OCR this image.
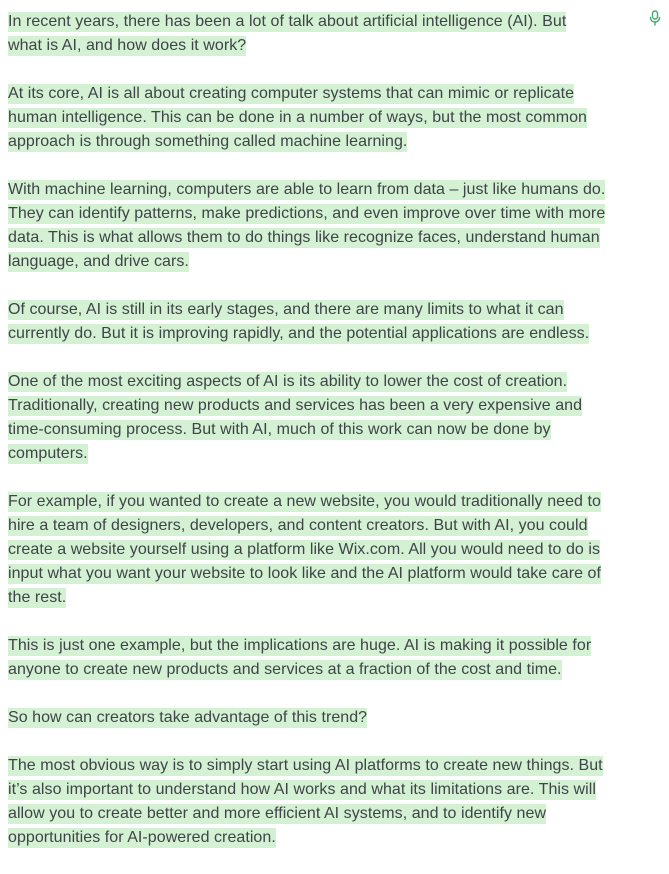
In recent years, there has been a lot of talk about artificial intelligence (AI). But
what is AI, and how does it work?

At its core, AI is all about creating computer systems that can mimic or replicate
human intelligence. This can be done in a number of ways, but the most common
approach is through something called machine learning.

With machine learning, computers are able to learn from data – just like humans do.
They can identify patterns, make predictions, and even improve over time with more
data. This is what allows them to do things like recognize faces, understand human
language, and drive cars.

Of course, AI is still in its early stages, and there are many limits to what it can
currently do. But it is improving rapidly, and the potential applications are endless.

One of the most exciting aspects of AI is its ability to lower the cost of creation.
Traditionally, creating new products and services has been a very expensive and
time-consuming process. But with AI, much of this work can now be done by
computers.

For example, if you wanted to create a new website, you would traditionally need to
hire a team of designers, developers, and content creators. But with AI, you could
create a website yourself using a platform like Wix.com. All you would need to do is
input what you want your website to look like and the AI platform would take care of
the rest.

This is just one example, but the implications are huge. AI is making it possible for
anyone to create new products and services at a fraction of the cost and time.

So how can creators take advantage of this trend?

The most obvious way is to simply start using AI platforms to create new things. But
it’s also important to understand how AI works and what its limitations are. This will
allow you to create better and more efficient AI systems, and to identify new
opportunities for AI-powered creation.
